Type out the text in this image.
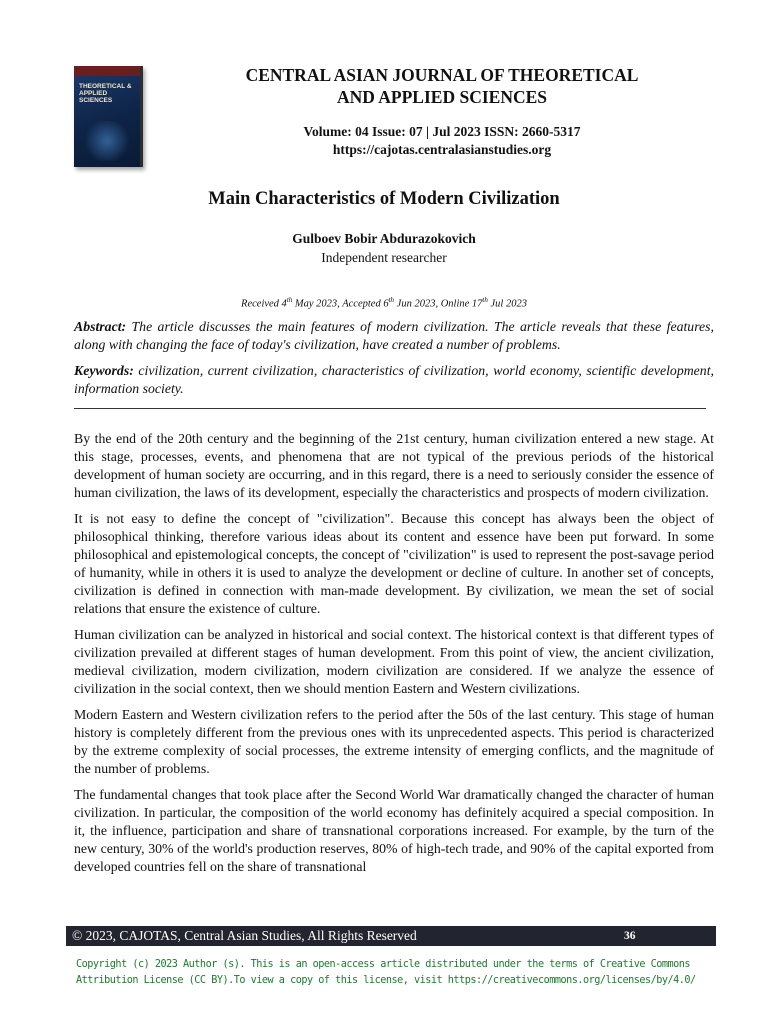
THEORETICAL & APPLIED SCIENCES
CENTRAL ASIAN JOURNAL OF THEORETICAL
AND APPLIED SCIENCES
Volume: 04 Issue: 07 | Jul 2023 ISSN: 2660-5317
https://cajotas.centralasianstudies.org
Main Characteristics of Modern Civilization
Gulboev Bobir Abdurazokovich
Independent researcher
Received 4th May 2023, Accepted 6th Jun 2023, Online 17th Jul 2023
Abstract: The article discusses the main features of modern civilization. The article reveals that these features, along with changing the face of today's civilization, have created a number of problems.
Keywords: civilization, current civilization, characteristics of civilization, world economy, scientific development, information society.

By the end of the 20th century and the beginning of the 21st century, human civilization entered a new stage. At this stage, processes, events, and phenomena that are not typical of the previous periods of the historical development of human society are occurring, and in this regard, there is a need to seriously consider the essence of human civilization, the laws of its development, especially the characteristics and prospects of modern civilization.

It is not easy to define the concept of "civilization". Because this concept has always been the object of philosophical thinking, therefore various ideas about its content and essence have been put forward. In some philosophical and epistemological concepts, the concept of "civilization" is used to represent the post-savage period of humanity, while in others it is used to analyze the development or decline of culture. In another set of concepts, civilization is defined in connection with man-made development. By civilization, we mean the set of social relations that ensure the existence of culture.

Human civilization can be analyzed in historical and social context. The historical context is that different types of civilization prevailed at different stages of human development. From this point of view, the ancient civilization, medieval civilization, modern civilization, modern civilization are considered. If we analyze the essence of civilization in the social context, then we should mention Eastern and Western civilizations.

Modern Eastern and Western civilization refers to the period after the 50s of the last century. This stage of human history is completely different from the previous ones with its unprecedented aspects. This period is characterized by the extreme complexity of social processes, the extreme intensity of emerging conflicts, and the magnitude of the number of problems.

The fundamental changes that took place after the Second World War dramatically changed the character of human civilization. In particular, the composition of the world economy has definitely acquired a special composition. In it, the influence, participation and share of transnational corporations increased. For example, by the turn of the new century, 30% of the world's production reserves, 80% of high-tech trade, and 90% of the capital exported from developed countries fell on the share of transnational

© 2023, CAJOTAS, Central Asian Studies, All Rights Reserved	36
Copyright (c) 2023 Author (s). This is an open-access article distributed under the terms of Creative Commons
Attribution License (CC BY).To view a copy of this license, visit https://creativecommons.org/licenses/by/4.0/
